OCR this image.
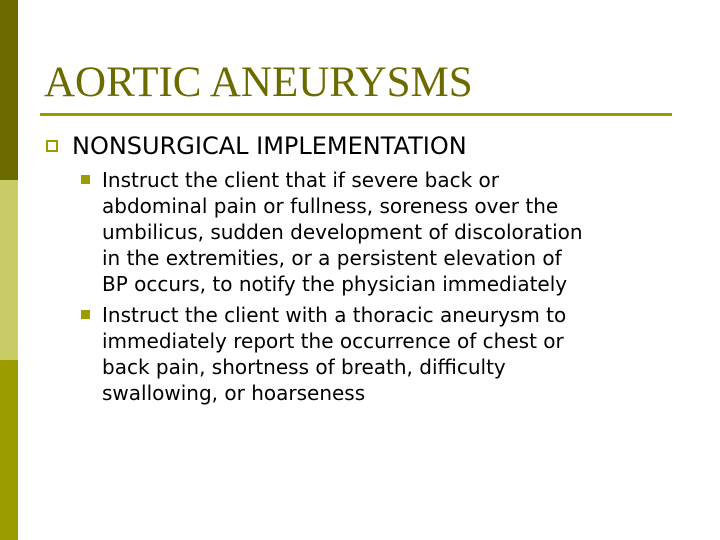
AORTIC ANEURYSMS
NONSURGICAL IMPLEMENTATION
Instruct the client that if severe back or
abdominal pain or fullness, soreness over the
umbilicus, sudden development of discoloration
in the extremities, or a persistent elevation of
BP occurs, to notify the physician immediately
Instruct the client with a thoracic aneurysm to
immediately report the occurrence of chest or
back pain, shortness of breath, difficulty
swallowing, or hoarseness
